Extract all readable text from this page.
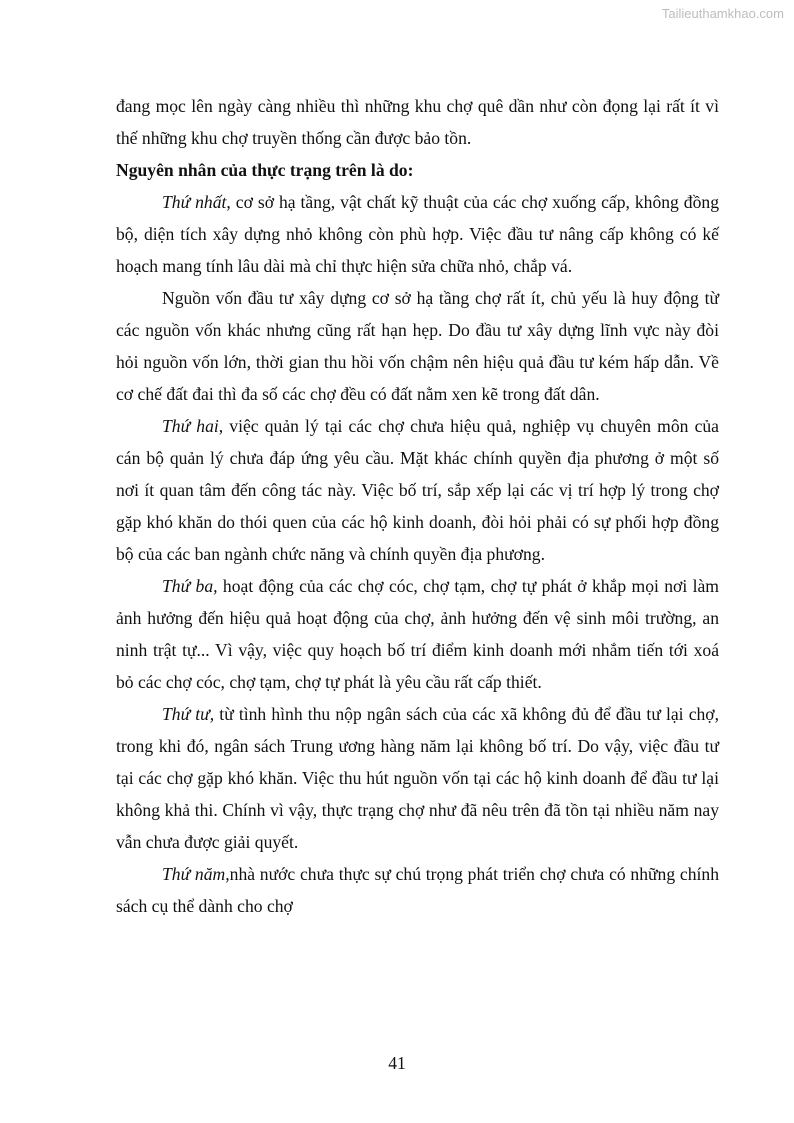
Tailieuthamkhao.com

đang mọc lên ngày càng nhiều thì những khu chợ quê dần như còn đọng lại rất ít vì thế những khu chợ truyền thống cần được bảo tồn.

Nguyên nhân của thực trạng trên là do:

Thứ nhất, cơ sở hạ tầng, vật chất kỹ thuật của các chợ xuống cấp, không đồng bộ, diện tích xây dựng nhỏ không còn phù hợp. Việc đầu tư nâng cấp không có kế hoạch mang tính lâu dài mà chỉ thực hiện sửa chữa nhỏ, chắp vá.

Nguồn vốn đầu tư xây dựng cơ sở hạ tầng chợ rất ít, chủ yếu là huy động từ các nguồn vốn khác nhưng cũng rất hạn hẹp. Do đầu tư xây dựng lĩnh vực này đòi hỏi nguồn vốn lớn, thời gian thu hồi vốn chậm nên hiệu quả đầu tư kém hấp dẫn. Về cơ chế đất đai thì đa số các chợ đều có đất nằm xen kẽ trong đất dân.

Thứ hai, việc quản lý tại các chợ chưa hiệu quả, nghiệp vụ chuyên môn của cán bộ quản lý chưa đáp ứng yêu cầu. Mặt khác chính quyền địa phương ở một số nơi ít quan tâm đến công tác này. Việc bố trí, sắp xếp lại các vị trí hợp lý trong chợ gặp khó khăn do thói quen của các hộ kinh doanh, đòi hỏi phải có sự phối hợp đồng bộ của các ban ngành chức năng và chính quyền địa phương.

Thứ ba, hoạt động của các chợ cóc, chợ tạm, chợ tự phát ở khắp mọi nơi làm ảnh hưởng đến hiệu quả hoạt động của chợ, ảnh hưởng đến vệ sinh môi trường, an ninh trật tự... Vì vậy, việc quy hoạch bố trí điểm kinh doanh mới nhắm tiến tới xoá bỏ các chợ cóc, chợ tạm, chợ tự phát là yêu cầu rất cấp thiết.

Thứ tư, từ tình hình thu nộp ngân sách của các xã không đủ để đầu tư lại chợ, trong khi đó, ngân sách Trung ương hàng năm lại không bố trí. Do vậy, việc đầu tư tại các chợ gặp khó khăn. Việc thu hút nguồn vốn tại các hộ kinh doanh để đầu tư lại không khả thi. Chính vì vậy, thực trạng chợ như đã nêu trên đã tồn tại nhiều năm nay vẫn chưa được giải quyết.

Thứ năm,nhà nước chưa thực sự chú trọng phát triển chợ chưa có những chính sách cụ thể dành cho chợ

41
